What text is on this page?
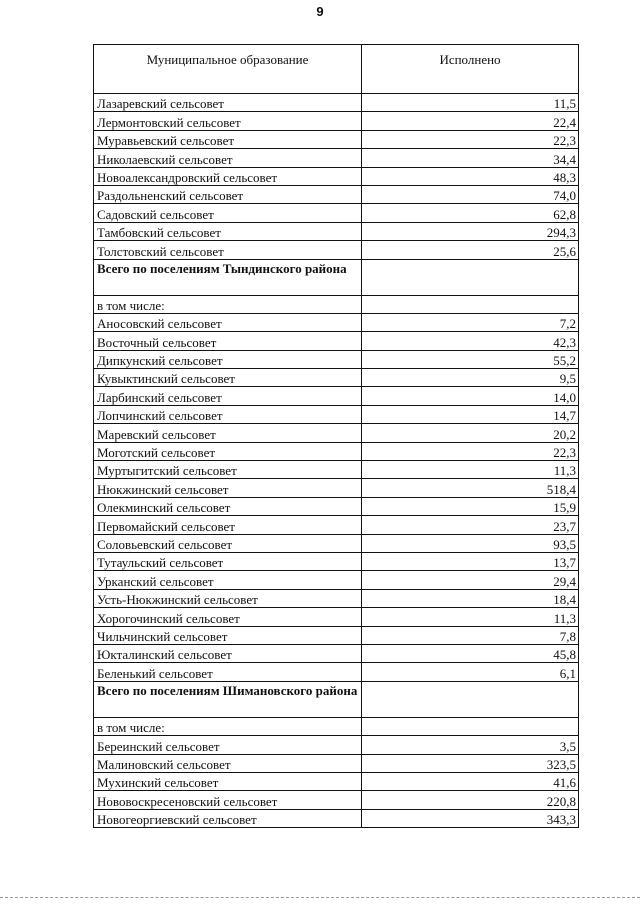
9
Муниципальное образование	Исполнено
Лазаревский сельсовет	11,5
Лермонтовский сельсовет	22,4
Муравьевский сельсовет	22,3
Николаевский сельсовет	34,4
Новоалександровский сельсовет	48,3
Раздольненский сельсовет	74,0
Садовский сельсовет	62,8
Тамбовский сельсовет	294,3
Толстовский сельсовет	25,6
Всего по поселениям Тындинского района	
в том числе:	
Аносовский сельсовет	7,2
Восточный сельсовет	42,3
Дипкунский сельсовет	55,2
Кувыктинский сельсовет	9,5
Ларбинский сельсовет	14,0
Лопчинский сельсовет	14,7
Маревский сельсовет	20,2
Моготский сельсовет	22,3
Муртыгитский сельсовет	11,3
Нюкжинский сельсовет	518,4
Олекминский сельсовет	15,9
Первомайский сельсовет	23,7
Соловьевский сельсовет	93,5
Тутаульский сельсовет	13,7
Урканский сельсовет	29,4
Усть-Нюкжинский сельсовет	18,4
Хорогочинский сельсовет	11,3
Чильчинский сельсовет	7,8
Юкталинский сельсовет	45,8
Беленький сельсовет	6,1
Всего по поселениям Шимановского района	
в том числе:	
Береинский сельсовет	3,5
Малиновский сельсовет	323,5
Мухинский сельсовет	41,6
Нововоскресеновский сельсовет	220,8
Новогеоргиевский сельсовет	343,3
